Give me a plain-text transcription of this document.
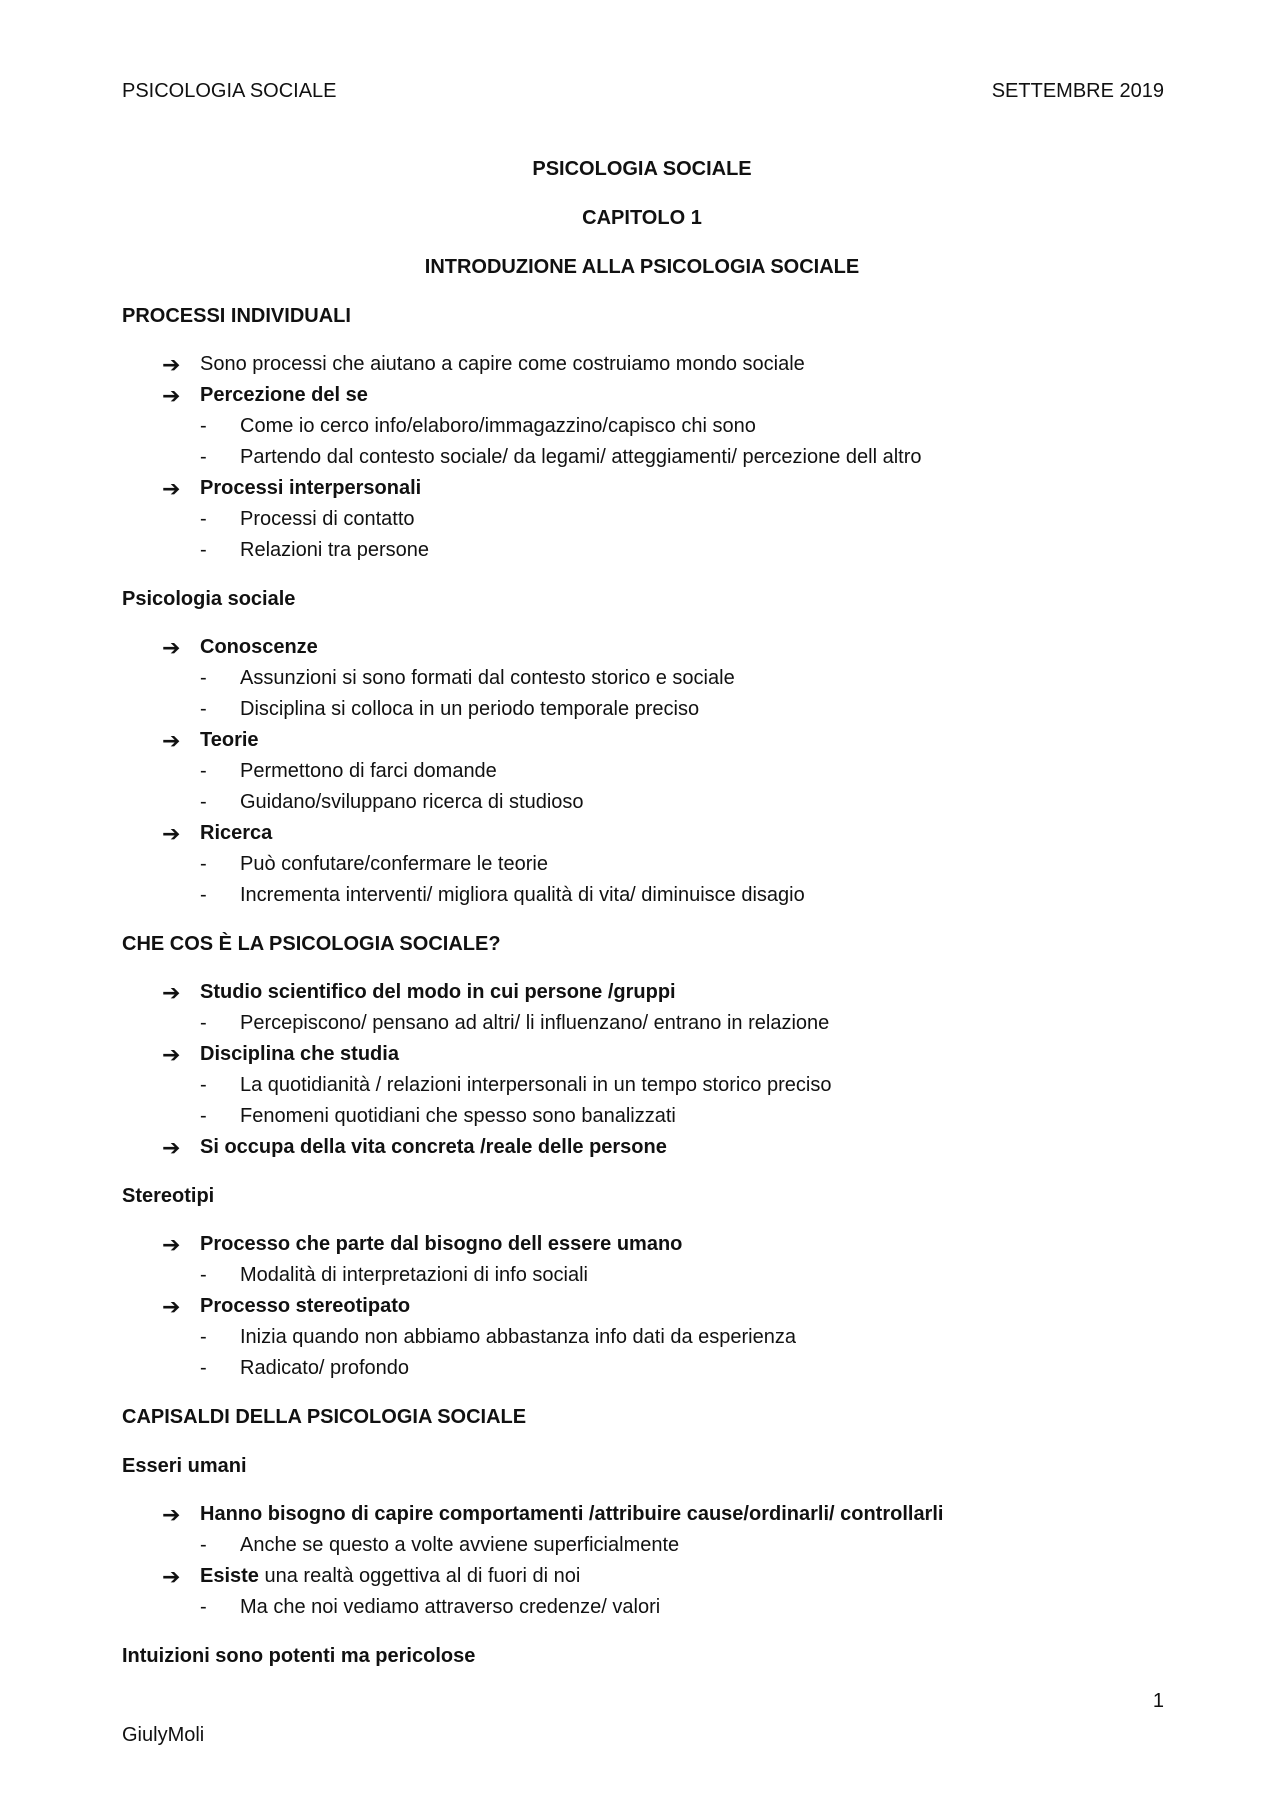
PSICOLOGIA SOCIALE	SETTEMBRE 2019
PSICOLOGIA SOCIALE
CAPITOLO 1
INTRODUZIONE ALLA PSICOLOGIA SOCIALE
PROCESSI INDIVIDUALI
➔ Sono processi che aiutano a capire come costruiamo mondo sociale
➔ Percezione del se
- Come io cerco info/elaboro/immagazzino/capisco chi sono
- Partendo dal contesto sociale/ da legami/ atteggiamenti/ percezione dell altro
➔ Processi interpersonali
- Processi di contatto
- Relazioni tra persone
Psicologia sociale
➔ Conoscenze
- Assunzioni si sono formati dal contesto storico e sociale
- Disciplina si colloca in un periodo temporale preciso
➔ Teorie
- Permettono di farci domande
- Guidano/sviluppano ricerca di studioso
➔ Ricerca
- Può confutare/confermare le teorie
- Incrementa interventi/ migliora qualità di vita/ diminuisce disagio
CHE COS È LA PSICOLOGIA SOCIALE?
➔ Studio scientifico del modo in cui persone /gruppi
- Percepiscono/ pensano ad altri/ li influenzano/ entrano in relazione
➔ Disciplina che studia
- La quotidianità / relazioni interpersonali in un tempo storico preciso
- Fenomeni quotidiani che spesso sono banalizzati
➔ Si occupa della vita concreta /reale delle persone
Stereotipi
➔ Processo che parte dal bisogno dell essere umano
- Modalità di interpretazioni di info sociali
➔ Processo stereotipato
- Inizia quando non abbiamo abbastanza info dati da esperienza
- Radicato/ profondo
CAPISALDI DELLA PSICOLOGIA SOCIALE
Esseri umani
➔ Hanno bisogno di capire comportamenti /attribuire cause/ordinarli/ controllarli
- Anche se questo a volte avviene superficialmente
➔ Esiste una realtà oggettiva al di fuori di noi
- Ma che noi vediamo attraverso credenze/ valori
Intuizioni sono potenti ma pericolose
1
GiulyMoli
